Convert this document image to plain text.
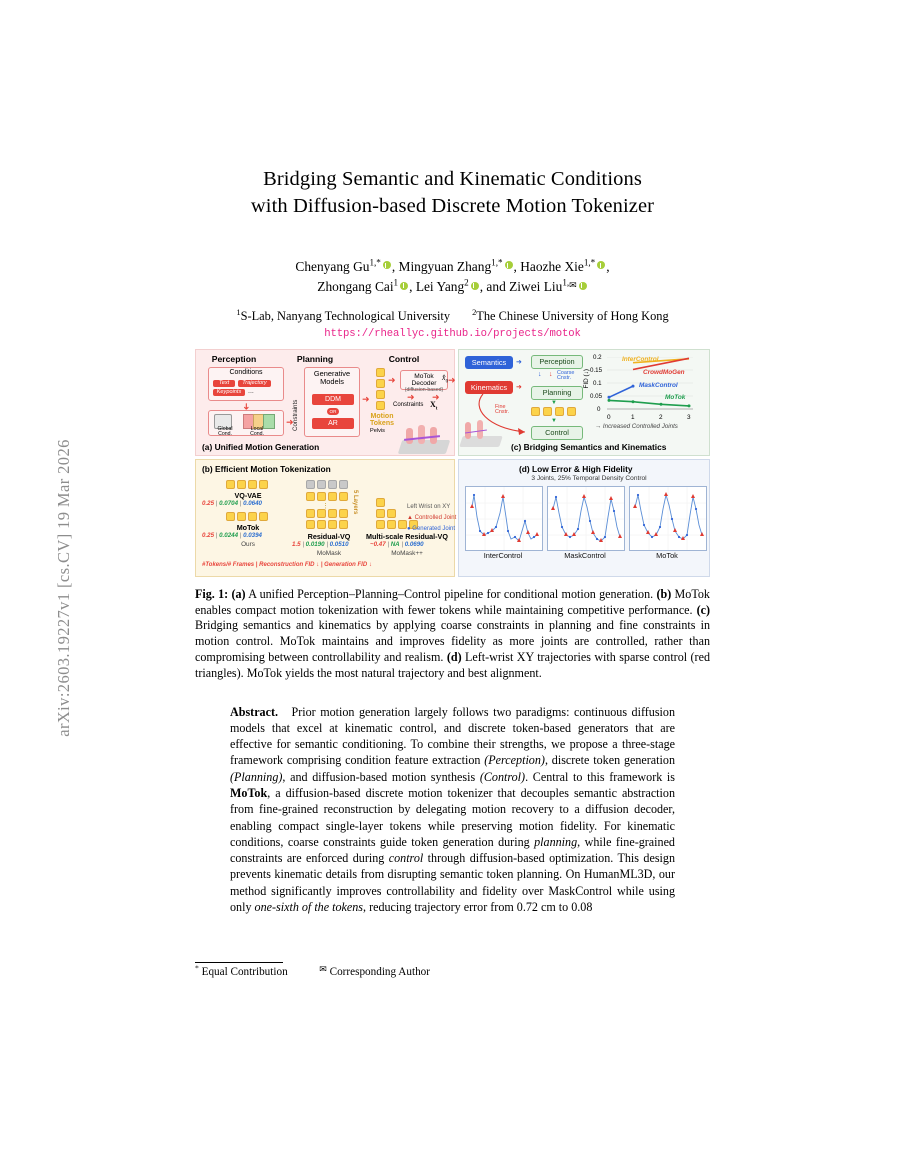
arXiv:2603.19227v1 [cs.CV] 19 Mar 2026
Bridging Semantic and Kinematic Conditions
with Diffusion-based Discrete Motion Tokenizer
Chenyang $Gu^{1,*}$ , Mingyuan Zhang$^{1,*}$ , Haozhe Xie$^{1,*}$ ,
Zhongang Cai$^1$ , Lei Yang$^2$ , and Ziwei Liu$^{1,✉}$
$^1$S-Lab, Nanyang Technological University	$^2$The Chinese University of Hong Kong
https://rheallyc.github.io/projects/motok
Perception	Planning	Control
Conditions
Text	Trajectory
Keypoints ...
➜
Global
Cond.
Local
Cond.
➜
Constraints
Generative
Models
DDM
OR
AR
➜
Motion
Tokens
➜	MoTok Decoder
(diffusion-based)
➜
$x̂_0$
➜ ➜
Constraints $X_t$
Pelvis
(a) Unified Motion Generation
(b) Efficient Motion Tokenization
VQ-VAE
0.25 | 0.0704 | 0.0640
MoTok
0.25 | 0.0244 | 0.0394
Ours
⋮	5 Layers
Residual-VQ
1.5 | 0.0190 | 0.0510
MoMask
Multi-scale Residual-VQ
~0.47 | NA | 0.0690
MoMask++
#Tokens/# Frames | Reconstruction FID ↓ | Generation FID ↓
Semantics
Kinematics
Perception
Planning
Control
➜
➜
↓ ↓ Coarse
Cnstr.
▼
▼
Fine
Cnstr.
FID (↓)
0.2
0.15
0.1
0.05
0
InterControl
CrowdMoGen
MaskControl
MoTok
0	1	2	3
→ Increased Controlled Joints
(c) Bridging Semantics and Kinematics
(d) Low Error & High Fidelity
3 Joints, 25% Temporal Density Control
Left Wrist on XY
▲ Controlled Joint
● Generated Joint
InterControl	MaskControl	MoTok
Fig. 1: (a) A unified Perception–Planning–Control pipeline for conditional motion generation. (b) MoTok enables compact motion tokenization with fewer tokens while maintaining competitive performance. (c) Bridging semantics and kinematics by applying coarse constraints in planning and fine constraints in motion control. MoTok maintains and improves fidelity as more joints are controlled, rather than compromising between controllability and realism. (d) Left-wrist XY trajectories with sparse control (red triangles). MoTok yields the most natural trajectory and best alignment.
Abstract.   Prior motion generation largely follows two paradigms: continuous diffusion models that excel at kinematic control, and discrete token-based generators that are effective for semantic conditioning. To combine their strengths, we propose a three-stage framework comprising condition feature extraction (Perception), discrete token generation (Planning), and diffusion-based motion synthesis (Control). Central to this framework is MoTok, a diffusion-based discrete motion tokenizer that decouples semantic abstraction from fine-grained reconstruction by delegating motion recovery to a diffusion decoder, enabling compact single-layer tokens while preserving motion fidelity. For kinematic conditions, coarse constraints guide token generation during planning, while fine-grained constraints are enforced during control through diffusion-based optimization. This design prevents kinematic details from disrupting semantic token planning. On HumanML3D, our method significantly improves controllability and fidelity over MaskControl while using only one-sixth of the tokens, reducing trajectory error from 0.72 cm to 0.08
* Equal Contribution	✉ Corresponding Author
